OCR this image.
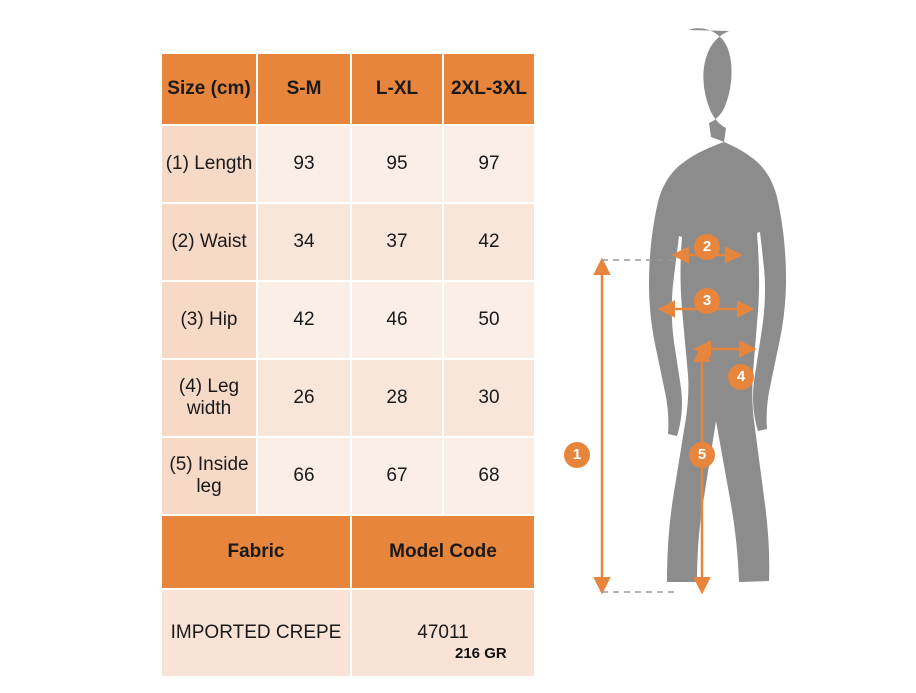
Size (cm)	S-M	L-XL	2XL-3XL
(1) Length	93	95	97
(2) Waist	34	37	42
(3) Hip	42	46	50
(4) Leg width	26	28	30
(5) Inside leg	66	67	68
Fabric		Model Code	
IMPORTED CREPE		47011	
216 GR
1
2
3
4
5
